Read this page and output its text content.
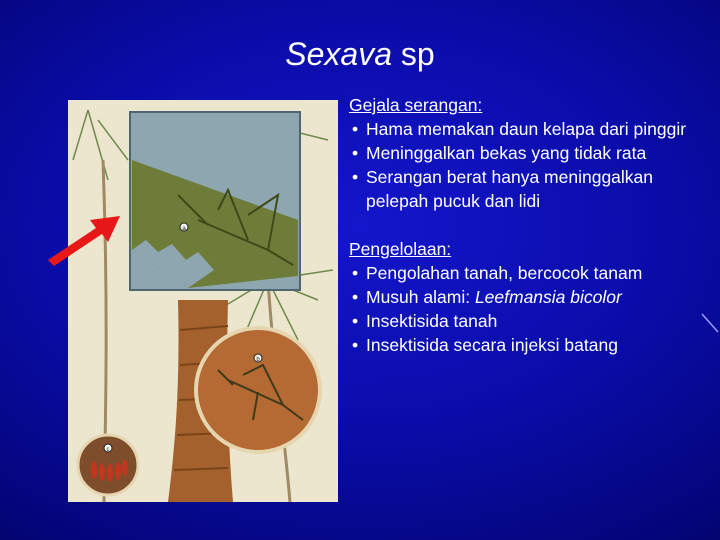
Sexava sp
a
b
c
Gejala serangan:
• Hama memakan daun kelapa dari pinggir
• Meninggalkan bekas yang tidak rata
• Serangan berat hanya meninggalkan pelepah pucuk dan lidi
Pengelolaan:
• Pengolahan tanah, bercocok tanam
• Musuh alami: Leefmansia bicolor
• Insektisida tanah
• Insektisida secara injeksi batang
